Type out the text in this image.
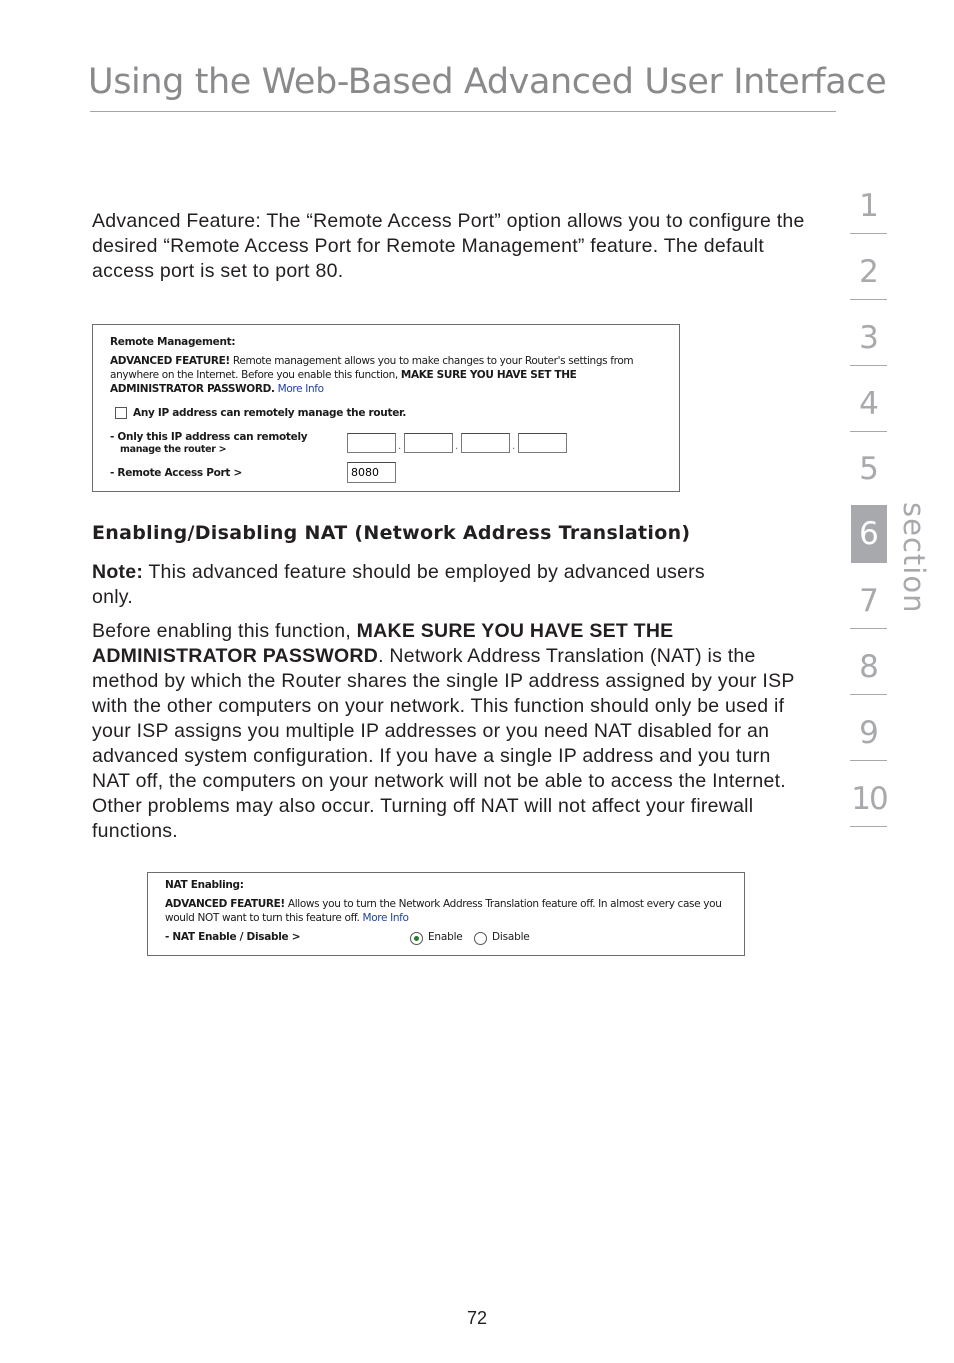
Using the Web-Based Advanced User Interface

Advanced Feature: The “Remote Access Port” option allows you to configure the desired “Remote Access Port for Remote Management” feature. The default access port is set to port 80.

Remote Management:
ADVANCED FEATURE! Remote management allows you to make changes to your Router's settings from anywhere on the Internet. Before you enable this function, MAKE SURE YOU HAVE SET THE ADMINISTRATOR PASSWORD. More Info
Any IP address can remotely manage the router.
- Only this IP address can remotely
manage the router >	.	.	.
- Remote Access Port >
8080
Enabling/Disabling NAT (Network Address Translation)

Note: This advanced feature should be employed by advanced users only.

Before enabling this function, MAKE SURE YOU HAVE SET THE ADMINISTRATOR PASSWORD. Network Address Translation (NAT) is the method by which the Router shares the single IP address assigned by your ISP with the other computers on your network. This function should only be used if your ISP assigns you multiple IP addresses or you need NAT disabled for an advanced system configuration. If you have a single IP address and you turn NAT off, the computers on your network will not be able to access the Internet. Other problems may also occur. Turning off NAT will not affect your firewall functions.

NAT Enabling:
ADVANCED FEATURE! Allows you to turn the Network Address Translation feature off. In almost every case you would NOT want to turn this feature off. More Info
- NAT Enable / Disable >	Enable	Disable
1
2
3
4
5
6
7
8
9
10
section
72
